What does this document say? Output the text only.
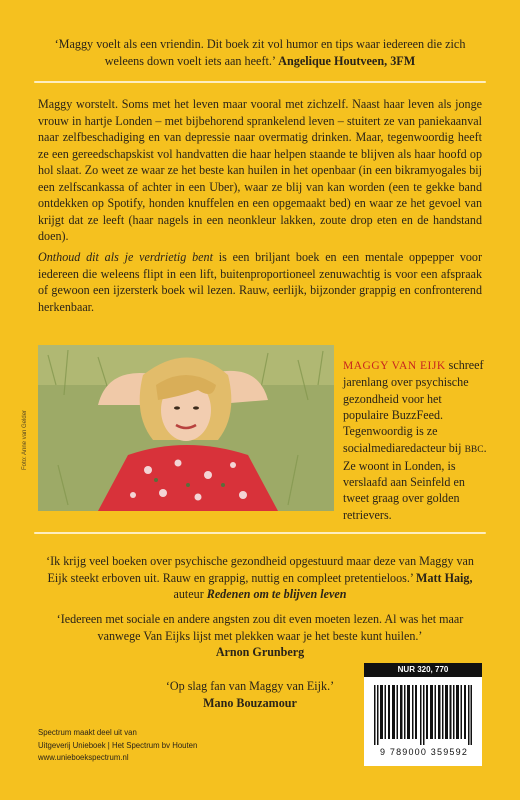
‘Maggy voelt als een vriendin. Dit boek zit vol humor en tips waar iedereen die zich weleens down voelt iets aan heeft.’ Angelique Houtveen, 3FM

Maggy worstelt. Soms met het leven maar vooral met zichzelf. Naast haar leven als jonge vrouw in hartje Londen – met bijbehorend sprankelend leven – stuitert ze van paniekaanval naar zelfbeschadiging en van depressie naar overmatig drinken. Maar, tegenwoordig heeft ze een gereedschapskist vol handvatten die haar helpen staande te blijven als haar hoofd op hol slaat. Zo weet ze waar ze het beste kan huilen in het openbaar (in een bikramyogales bij een zelfscankassa of achter in een Uber), waar ze blij van kan worden (een te gekke band ontdekken op Spotify, honden knuffelen en een opgemaakt bed) en waar ze het gevoel van krijgt dat ze leeft (haar nagels in een neonkleur lakken, zoute drop eten en de handstand doen).

Onthoud dit als je verdrietig bent is een briljant boek en een mentale oppepper voor iedereen die weleens flipt in een lift, buitenproportioneel zenuwachtig is voor een afspraak of gewoon een ijzersterk boek wil lezen. Rauw, eerlijk, bijzonder grappig en confronterend herkenbaar.

Foto: Anne van Gelder

MAGGY VAN EIJK schreef jarenlang over psychische gezondheid voor het populaire BuzzFeed. Tegenwoordig is ze socialmediaredacteur bij BBC. Ze woont in Londen, is verslaafd aan Seinfeld en tweet graag over golden retrievers.

‘Ik krijg veel boeken over psychische gezondheid opgestuurd maar deze van Maggy van Eijk steekt erboven uit. Rauw en grappig, nuttig en compleet pretentieloos.’ Matt Haig, auteur Redenen om te blijven leven

‘Iedereen met sociale en andere angsten zou dit even moeten lezen. Al was het maar vanwege Van Eijks lijst met plekken waar je het beste kunt huilen.’
Arnon Grunberg

‘Op slag fan van Maggy van Eijk.’
Mano Bouzamour

Spectrum maakt deel uit van
Uitgeverij Unieboek | Het Spectrum bv Houten
www.unieboekspectrum.nl
NUR 320, 770
9 789000 359592
